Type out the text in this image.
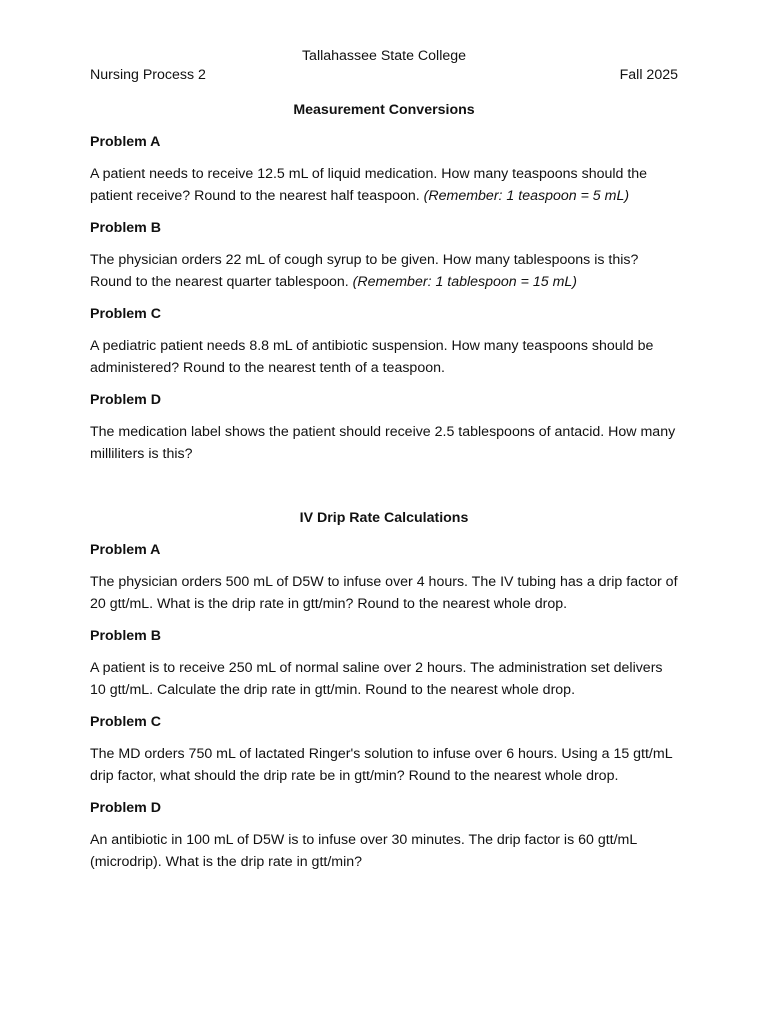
Tallahassee State College
Nursing Process 2	Fall 2025
Measurement Conversions
Problem A
A patient needs to receive 12.5 mL of liquid medication. How many teaspoons should the patient receive? Round to the nearest half teaspoon. (Remember: 1 teaspoon = 5 mL)
Problem B
The physician orders 22 mL of cough syrup to be given. How many tablespoons is this? Round to the nearest quarter tablespoon. (Remember: 1 tablespoon = 15 mL)
Problem C
A pediatric patient needs 8.8 mL of antibiotic suspension. How many teaspoons should be administered? Round to the nearest tenth of a teaspoon.
Problem D
The medication label shows the patient should receive 2.5 tablespoons of antacid. How many milliliters is this?
IV Drip Rate Calculations
Problem A
The physician orders 500 mL of D5W to infuse over 4 hours. The IV tubing has a drip factor of 20 gtt/mL. What is the drip rate in gtt/min? Round to the nearest whole drop.
Problem B
A patient is to receive 250 mL of normal saline over 2 hours. The administration set delivers 10 gtt/mL. Calculate the drip rate in gtt/min. Round to the nearest whole drop.
Problem C
The MD orders 750 mL of lactated Ringer's solution to infuse over 6 hours. Using a 15 gtt/mL drip factor, what should the drip rate be in gtt/min? Round to the nearest whole drop.
Problem D
An antibiotic in 100 mL of D5W is to infuse over 30 minutes. The drip factor is 60 gtt/mL (microdrip). What is the drip rate in gtt/min?
